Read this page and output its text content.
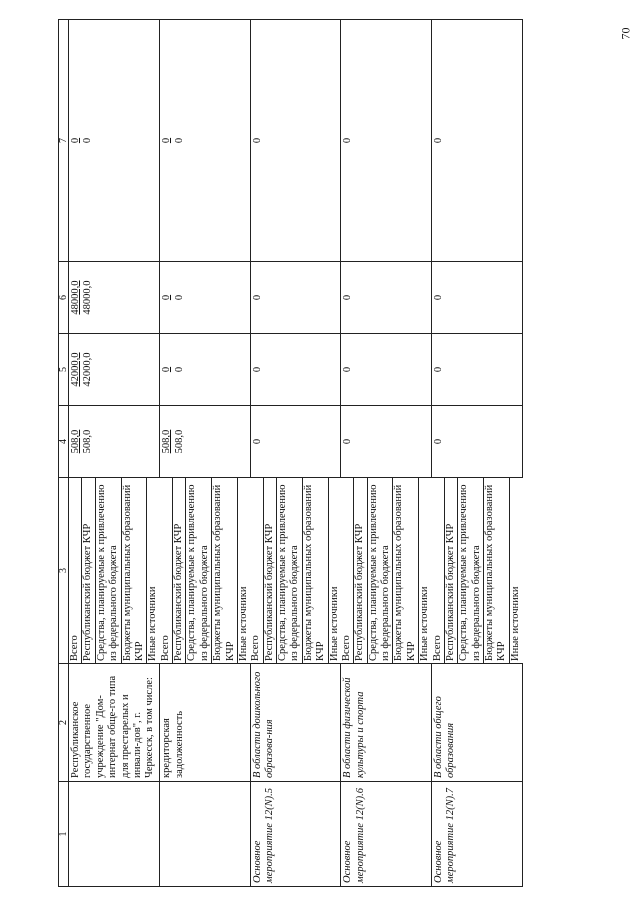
70
1	2	3	4	5	6	7
	Республиканское государственное учреждение "Дом-интернат обще-го типа для престарелых и инвали-дов", г. Черкесск, в том числе:	Всего Республиканский бюджет КЧР Средства, планируемые к привлечению из федерального бюджета Бюджеты муниципальных образований КЧР Иные источники	508,0 508,0	42000,0 42000,0	48000,0 48000,0	0 0

	кредиторская задолженность	Всего Республиканский бюджет КЧР Средства, планируемые к привлечению из федерального бюджета Бюджеты муниципальных образований КЧР Иные источники	508,0 508,0	0 0	0 0	0 0

Основное мероприятие 12(N).5	В области дошкольного образова-ния	Всего Республиканский бюджет КЧР Средства, планируемые к привлечению из федерального бюджета Бюджеты муниципальных образований КЧР Иные источники	0	0	0	0

Основное мероприятие 12(N).6	В области физической культуры и спорта	Всего Республиканский бюджет КЧР Средства, планируемые к привлечению из федерального бюджета Бюджеты муниципальных образований КЧР Иные источники	0	0	0	0

Основное мероприятие 12(N).7	В области общего образования	Всего Республиканский бюджет КЧР Средства, планируемые к привлечению из федерального бюджета Бюджеты муниципальных образований КЧР Иные источники	0	0	0	0
